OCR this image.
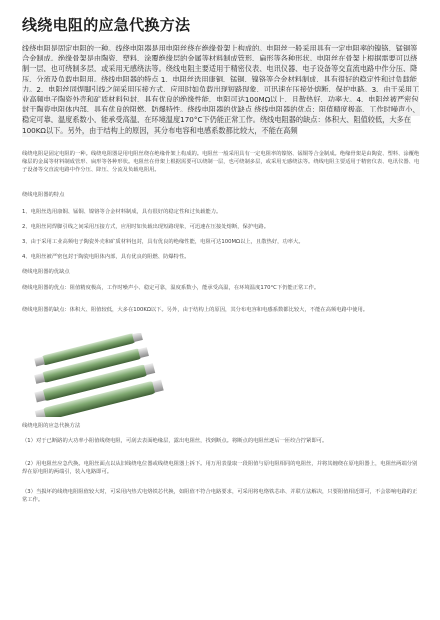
线绕电阻的应急代换方法

线绕电阻是固定电阻的一种。线绕电阻器是用电阻丝绕在绝缘骨架上构成的。电阻丝一般采用具有一定电阻率的镍铬、锰铜等合金制成。绝缘骨架是由陶瓷、塑料、涂覆绝缘层的金属等材料制成管形、扁形等各种形状。电阻丝在骨架上根据需要可以绕制一层，也可绕制多层，或采用无感绕法等。绕线电阻主要适用于精密仪表、电讯仪器、电子设备等交直流电路中作分压、降压、分流及负载电阻用。绕线电阻器的特点 1、电阻丝选用康铜、锰铜、镍铬等合金材料制成，具有很好的稳定性和过负载能力。2、电阻丝同焊脚引线之间采用压接方式，应用时如负载出现短路现象，可迅速在压接处熔断，保护电路。3、由于采用工业高频电子陶瓷外壳和矿质材料包封，具有优良的绝缘性能，电阻可达100MΩ以上，且散热好，功率大。4、电阻丝被严密包封于陶瓷电阻体内部，具有优良的阻燃、防爆特性。绕线电阻器的优缺点 绕线电阻器的优点：阻值精度极高，工作时噪声小、稳定可靠，温度系数小，能承受高温，在环境温度170°C下仍能正常工作。绕线电阻器的缺点：体积大、阻值较低，大多在100KΩ以下。另外，由于结构上的原因，其分布电容和电感系数都比较大，不能在高频

线绕电阻是固定电阻的一种。线绕电阻器是用电阻丝绕在绝缘骨架上构成的。电阻丝一般采用具有一定电阻率的镍铬、锰铜等合金制成。绝缘骨架是由陶瓷、塑料、涂覆绝缘层的金属等材料制成管形、扁形等各种形状。电阻丝在骨架上根据需要可以绕制一层，也可绕制多层，或采用无感绕法等。绕线电阻主要适用于精密仪表、电讯仪器、电子设备等交直流电路中作分压、降压、分流及负载电阻用。

绕线电阻器的特点

1、电阻丝选用康铜、锰铜、镍铬等合金材料制成，具有很好的稳定性和过负载能力。

2、电阻丝同焊脚引线之间采用压接方式，应用时如负载出现短路现象，可迅速在压接处熔断，保护电路。

3、由于采用工业高频电子陶瓷外壳和矿质材料包封，具有优良的绝缘性能，电阻可达100MΩ以上，且散热好，功率大。

4、电阻丝被严密包封于陶瓷电阻体内部，具有优良的阻燃、防爆特性。

绕线电阻器的优缺点

绕线电阻器的优点：阻值精度极高，工作时噪声小、稳定可靠，温度系数小，能承受高温，在环境温度170°C下仍能正常工作。

绕线电阻器的缺点：体积大、阻值较低，大多在100KΩ以下。另外，由于结构上的原因，其分布电容和电感系数都比较大，不能在高频电路中使用。

线绕电阻的应急代换方法

（1）对于已断路的大功率小阻值线绕电阻，可刮去表面绝缘层，露出电阻丝，找到断点。将断点的电阻丝逐后一匝绞合拧紧即可。

（2）用电阻丝应急代换。电阻丝面点以从旧线绕电位器或线绕电阻器上拆下。用万用表量取一段阻值与原电阻相同的电阻丝，并将其缠绕在原电阻器上，电阻丝两端分别焊在原电阻的两端引，装入电路即可。

（3）当损坏的线绕电阻阻值较大时，可采用内热式电烙铁芯代换，如阻值不符合电路要求，可采用将电烙铁芯串、并联方法解决，只要阻值相近即可，不会影响电路的正常工作。
